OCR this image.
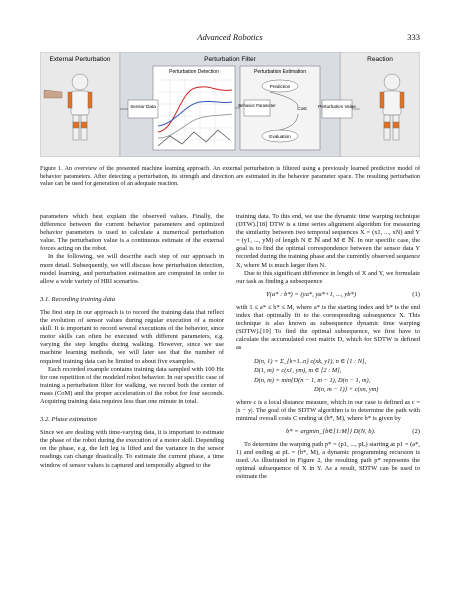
Advanced Robotics	333
External Perturbation	Reaction
Perturbation Filter
Perturbation Detection
Sensor Data
Perturbation Estimation
Prediction
Behavior Parameter
Cost
Evaluation
Perturbation Value
Figure 1. An overview of the presented machine learning approach. An external perturbation is filtered using a previously learned predictive model of behavior parameters. After detecting a perturbation, its strength and direction are estimated in the behavior parameter space. The resulting perturbation value can be used for generation of an adequate reaction.

parameters which best explain the observed values. Finally, the difference between the current behavior parameters and optimized behavior parameters is used to calculate a numerical perturbation value. The perturbation value is a continuous estimate of the external forces acting on the robot.

In the following, we will describe each step of our approach in more detail. Subsequently, we will discuss how perturbation detection, model learning, and perturbation estimation are computed in order to allow a wide variety of HRI scenarios.

3.1. Recording training data

The first step in our approach is to record the training data that reflect the evolution of sensor values during regular execution of a motor skill. It is important to record several executions of the behavior, since motor skills can often be executed with different parameters, e.g. varying the step lengths during walking. However, since we use machine learning methods, we will later see that the number of required training data can be limited to about five examples.

Each recorded example contains training data sampled with 100 Hz for one repetition of the modeled robot behavior. In our specific case of training a perturbation filter for walking, we record both the center of mass (CoM) and the proper acceleration of the robot for four seconds. Acquiring training data requires less than one minute in total.

3.2. Phase estimation

Since we are dealing with time-varying data, it is important to estimate the phase of the robot during the execution of a motor skill. Depending on the phase, e.g. the left leg is lifted and the variance in the sensor readings can change drastically. To estimate the current phase, a time window of sensor values is captured and temporally aligned to the

training data. To this end, we use the dynamic time warping technique (DTW).[18] DTW is a time series alignment algorithm for measuring the similarity between two temporal sequences X = (x1, ..., xN) and Y = (y1, ..., yM) of length N ∈ ℕ and M ∈ ℕ. In our specific case, the goal is to find the optimal correspondence between the sensor data Y recorded during the training phase and the currently observed sequence X, where M is much larger then N.

Due to this significant difference in length of X and Y, we formulate our task as finding a subsequence

Y(a* : b*) = (ya*, ya*+1, ..., yb*)	(1)

with 1 ≤ a* ≤ b* ≤ M, where a* is the starting index and b* is the end index that optimally fit to the corresponding subsequence X. This technique is also known as subsequence dynamic time warping (SDTW).[19] To find the optimal subsequence, we first have to calculate the accumulated cost matrix D, which for SDTW is defined as

D(n, 1) = Σ_{k=1..n} c(xk, y1), n ∈ [1 : N],
D(1, m) = c(x1, ym), m ∈ [2 : M],
D(n, m) = min{D(n − 1, m − 1), D(n − 1, m),
D(n, m − 1)} + c(xn, ym)

where c is a local distance measure, which in our case is defined as c = |x − y|. The goal of the SDTW algorithm is to determine the path with minimal overall costs C ending at (b*, M), where b* is given by

b* = argmin_{b∈[1:M]} D(N, b).	(2)

To determine the warping path p* = (p1, ..., pL) starting at p1 = (a*, 1) and ending at pL = (b*, M), a dynamic programming recursion is used. As illustrated in Figure 2, the resulting path p* represents the optimal subsequence of X in Y. As a result, SDTW can be used to estimate the
